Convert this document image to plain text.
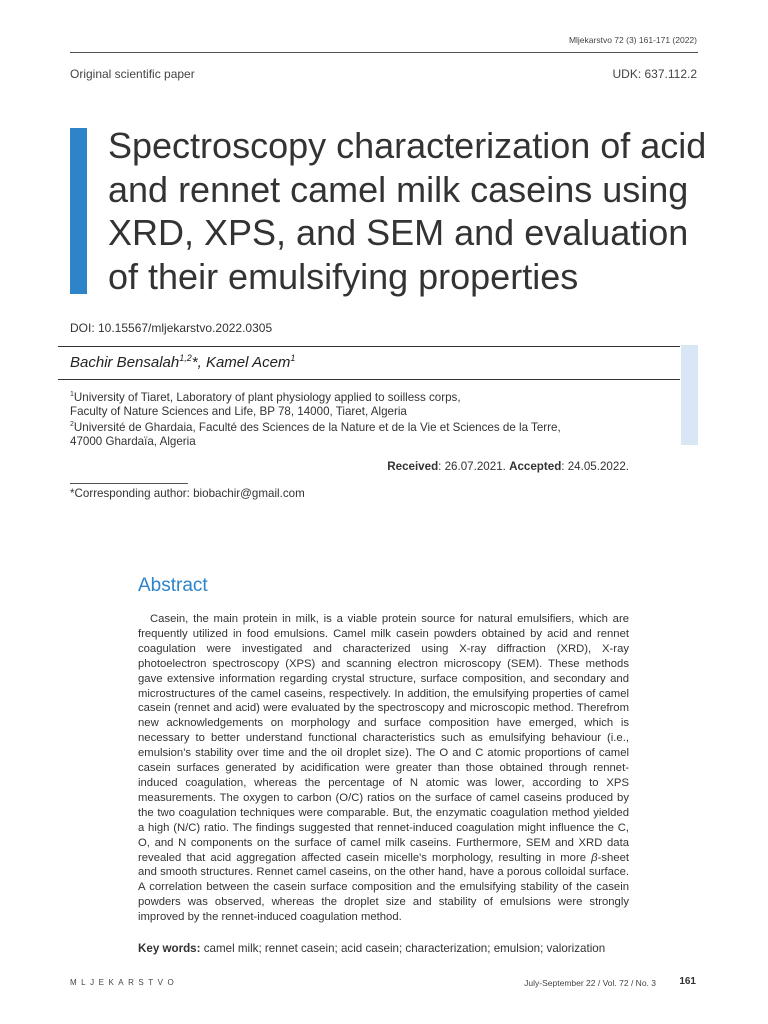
Mljekarstvo 72 (3) 161-171 (2022)
Original scientific paper	UDK: 637.112.2
Spectroscopy characterization of acid and rennet camel milk caseins using XRD, XPS, and SEM and evaluation of their emulsifying properties
DOI: 10.15567/mljekarstvo.2022.0305
Bachir Bensalah$^{1,2}$*, Kamel Acem$^1$
$^1$University of Tiaret, Laboratory of plant physiology applied to soilless corps,
Faculty of Nature Sciences and Life, BP 78, 14000, Tiaret, Algeria
$^2$Université de Ghardaia, Faculté des Sciences de la Nature et de la Vie et Sciences de la Terre,
47000 Ghardaïa, Algeria
Received: 26.07.2021. Accepted: 24.05.2022.
*Corresponding author: biobachir@gmail.com
Abstract

Casein, the main protein in milk, is a viable protein source for natural emulsifiers, which are frequently utilized in food emulsions. Camel milk casein powders obtained by acid and rennet coagulation were investigated and characterized using X-ray diffraction (XRD), X-ray photoelectron spectroscopy (XPS) and scanning electron microscopy (SEM). These methods gave extensive information regarding crystal structure, surface composition, and secondary and microstructures of the camel caseins, respectively. In addition, the emulsifying properties of camel casein (rennet and acid) were evaluated by the spectroscopy and microscopic method. Therefrom new acknowledgements on morphology and surface composition have emerged, which is necessary to better understand functional characteristics such as emulsifying behaviour (i.e., emulsion's stability over time and the oil droplet size). The O and C atomic proportions of camel casein surfaces generated by acidification were greater than those obtained through rennet-induced coagulation, whereas the percentage of N atomic was lower, according to XPS measurements. The oxygen to carbon (O/C) ratios on the surface of camel caseins produced by the two coagulation techniques were comparable. But, the enzymatic coagulation method yielded a high (N/C) ratio. The findings suggested that rennet-induced coagulation might influence the C, O, and N components on the surface of camel milk caseins. Furthermore, SEM and XRD data revealed that acid aggregation affected casein micelle's morphology, resulting in more β-sheet and smooth structures. Rennet camel caseins, on the other hand, have a porous colloidal surface. A correlation between the casein surface composition and the emulsifying stability of the casein powders was observed, whereas the droplet size and stability of emulsions were strongly improved by the rennet-induced coagulation method.

Key words: camel milk; rennet casein; acid casein; characterization; emulsion; valorization
MLJEKARSTVO	July-September 22 / Vol. 72 / No. 3 161
